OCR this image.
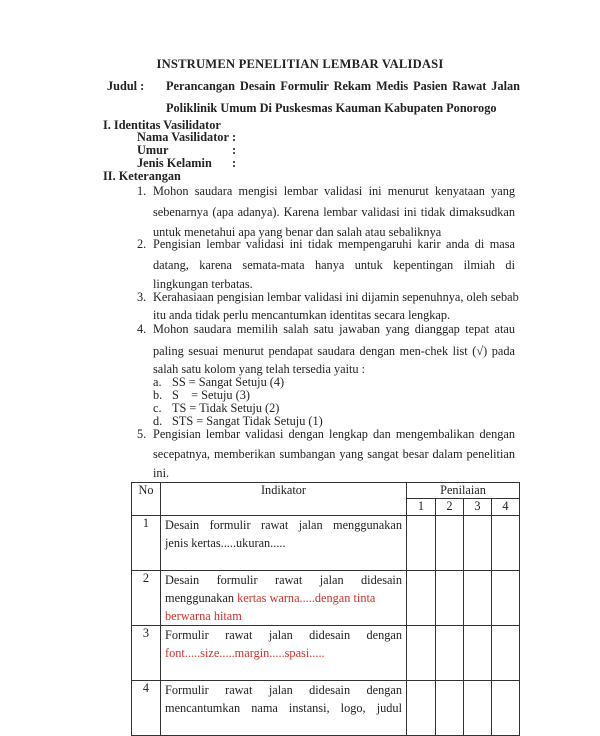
INSTRUMEN PENELITIAN LEMBAR VALIDASI
Judul : Perancangan Desain Formulir Rekam Medis Pasien Rawat Jalan
Poliklinik Umum Di Puskesmas Kauman Kabupaten Ponorogo
I. Identitas Vasilidator
Nama Vasilidator :
Umur	:
Jenis Kelamin :
II. Keterangan
1. Mohon saudara mengisi lembar validasi ini menurut kenyataan yang
sebenarnya (apa adanya). Karena lembar validasi ini tidak dimaksudkan
untuk menetahui apa yang benar dan salah atau sebaliknya
2. Pengisian lembar validasi ini tidak mempengaruhi karir anda di masa
datang, karena semata-mata hanya untuk kepentingan ilmiah di
lingkungan terbatas.
3. Kerahasiaan pengisian lembar validasi ini dijamin sepenuhnya, oleh sebab
itu anda tidak perlu mencantumkan identitas secara lengkap.
4. Mohon saudara memilih salah satu jawaban yang dianggap tepat atau
paling sesuai menurut pendapat saudara dengan men-chek list (√) pada
salah satu kolom yang telah tersedia yaitu :
a. SS = Sangat Setuju (4)
b. S    = Setuju (3)
c. TS = Tidak Setuju (2)
d. STS = Sangat Tidak Setuju (1)
5. Pengisian lembar validasi dengan lengkap dan mengembalikan dengan
secepatnya, memberikan sumbangan yang sangat besar dalam penelitian
ini.
No	Indikator	Penilaian			
		1	2	3	4
1	Desain formulir rawat jalan menggunakan
jenis kertas.....ukuran.....				

2	Desain formulir rawat jalan didesain
menggunakan kertas warna.....dengan tinta
berwarna hitam				

3	Formulir rawat jalan didesain dengan
font.....size.....margin.....spasi.....				

4	Formulir rawat jalan didesain dengan
mencantumkan nama instansi, logo, judul				
